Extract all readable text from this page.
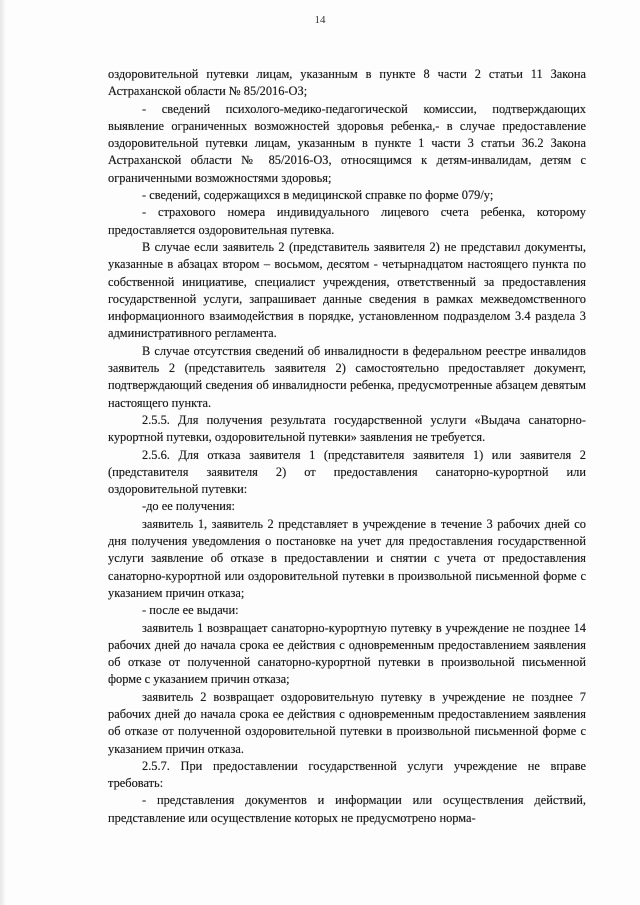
14

оздоровительной путевки лицам, указанным в пункте 8 части 2 статьи 11 Закона Астраханской области № 85/2016-ОЗ;

- сведений психолого-медико-педагогической комиссии, подтверждающих выявление ограниченных возможностей здоровья ребенка,- в случае предоставление оздоровительной путевки лицам, указанным в пункте 1 части 3 статьи 36.2 Закона Астраханской области № 85/2016-ОЗ, относящимся к детям-инвалидам, детям с ограниченными возможностями здоровья;

- сведений, содержащихся в медицинской справке по форме 079/у;

- страхового номера индивидуального лицевого счета ребенка, которому предоставляется оздоровительная путевка.

В случае если заявитель 2 (представитель заявителя 2) не представил документы, указанные в абзацах втором – восьмом, десятом - четырнадцатом настоящего пункта по собственной инициативе, специалист учреждения, ответственный за предоставления государственной услуги, запрашивает данные сведения в рамках межведомственного информационного взаимодействия в порядке, установленном подразделом 3.4 раздела 3 административного регламента.

В случае отсутствия сведений об инвалидности в федеральном реестре инвалидов заявитель 2 (представитель заявителя 2) самостоятельно предоставляет документ, подтверждающий сведения об инвалидности ребенка, предусмотренные абзацем девятым настоящего пункта.

2.5.5. Для получения результата государственной услуги «Выдача санаторно-курортной путевки, оздоровительной путевки» заявления не требуется.

2.5.6. Для отказа заявителя 1 (представителя заявителя 1) или заявителя 2 (представителя заявителя 2) от предоставления санаторно-курортной или оздоровительной путевки:

-до ее получения:

заявитель 1, заявитель 2 представляет в учреждение в течение 3 рабочих дней со дня получения уведомления о постановке на учет для предоставления государственной услуги заявление об отказе в предоставлении и снятии с учета от предоставления санаторно-курортной или оздоровительной путевки в произвольной письменной форме с указанием причин отказа;

- после ее выдачи:

заявитель 1 возвращает санаторно-курортную путевку в учреждение не позднее 14 рабочих дней до начала срока ее действия с одновременным предоставлением заявления об отказе от полученной санаторно-курортной путевки в произвольной письменной форме с указанием причин отказа;

заявитель 2 возвращает оздоровительную путевку в учреждение не позднее 7 рабочих дней до начала срока ее действия с одновременным предоставлением заявления об отказе от полученной оздоровительной путевки в произвольной письменной форме с указанием причин отказа.

2.5.7. При предоставлении государственной услуги учреждение не вправе требовать:

- представления документов и информации или осуществления действий, представление или осуществление которых не предусмотрено норма-
